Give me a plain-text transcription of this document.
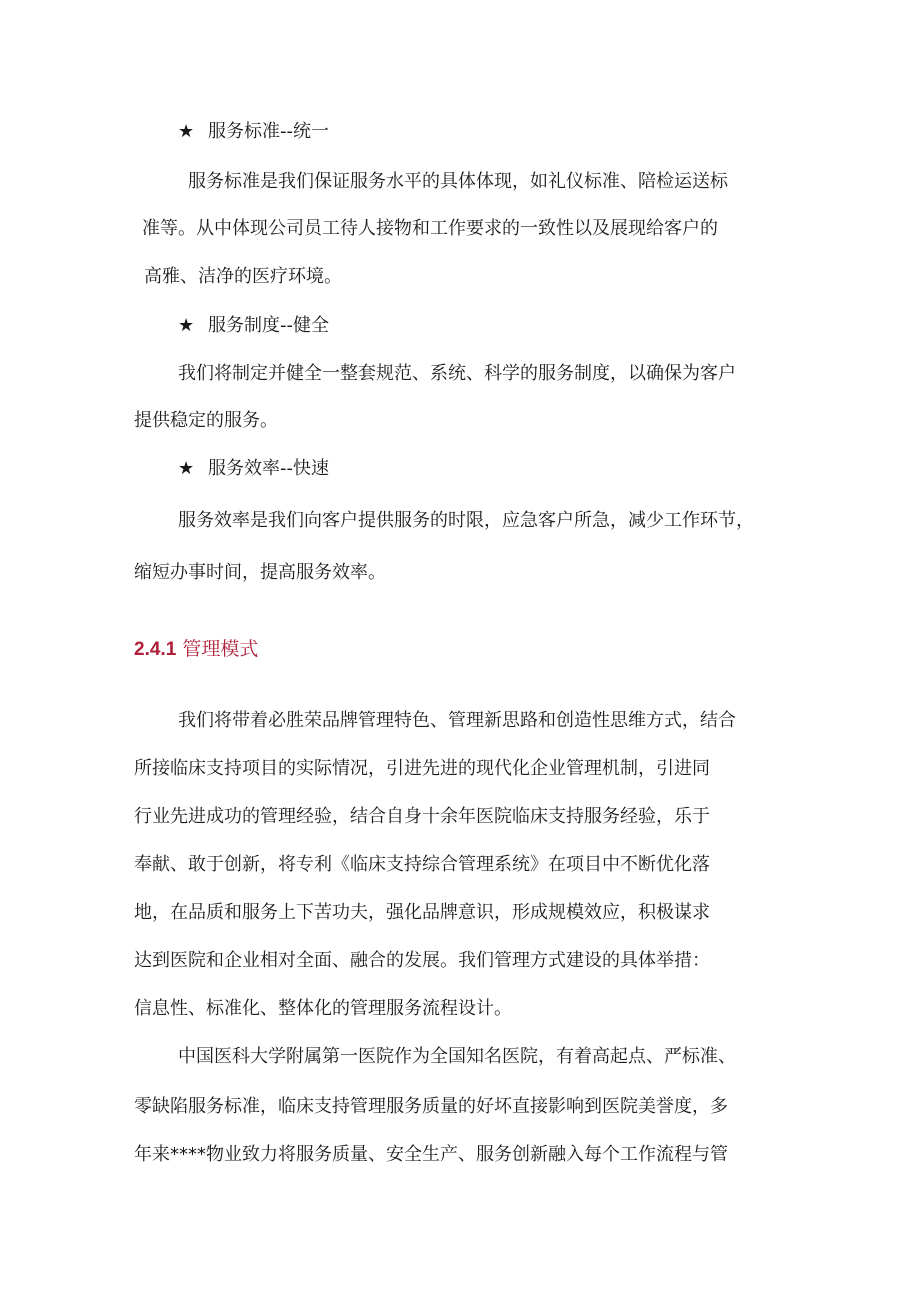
★ 服务标准--统一
服务标准是我们保证服务水平的具体体现，如礼仪标准、陪检运送标
准等。从中体现公司员工待人接物和工作要求的一致性以及展现给客户的
高雅、洁净的医疗环境。
★ 服务制度--健全
我们将制定并健全一整套规范、系统、科学的服务制度，以确保为客户
提供稳定的服务。
★ 服务效率--快速
服务效率是我们向客户提供服务的时限，应急客户所急，减少工作环节，
缩短办事时间，提高服务效率。
2.4.1 管理模式
我们将带着必胜荣品牌管理特色、管理新思路和创造性思维方式，结合
所接临床支持项目的实际情况，引进先进的现代化企业管理机制，引进同
行业先进成功的管理经验，结合自身十余年医院临床支持服务经验，乐于
奉献、敢于创新，将专利《临床支持综合管理系统》在项目中不断优化落
地，在品质和服务上下苦功夫，强化品牌意识，形成规模效应，积极谋求
达到医院和企业相对全面、融合的发展。我们管理方式建设的具体举措：
信息性、标准化、整体化的管理服务流程设计。
中国医科大学附属第一医院作为全国知名医院，有着高起点、严标准、
零缺陷服务标准，临床支持管理服务质量的好坏直接影响到医院美誉度，多
年来****物业致力将服务质量、安全生产、服务创新融入每个工作流程与管
